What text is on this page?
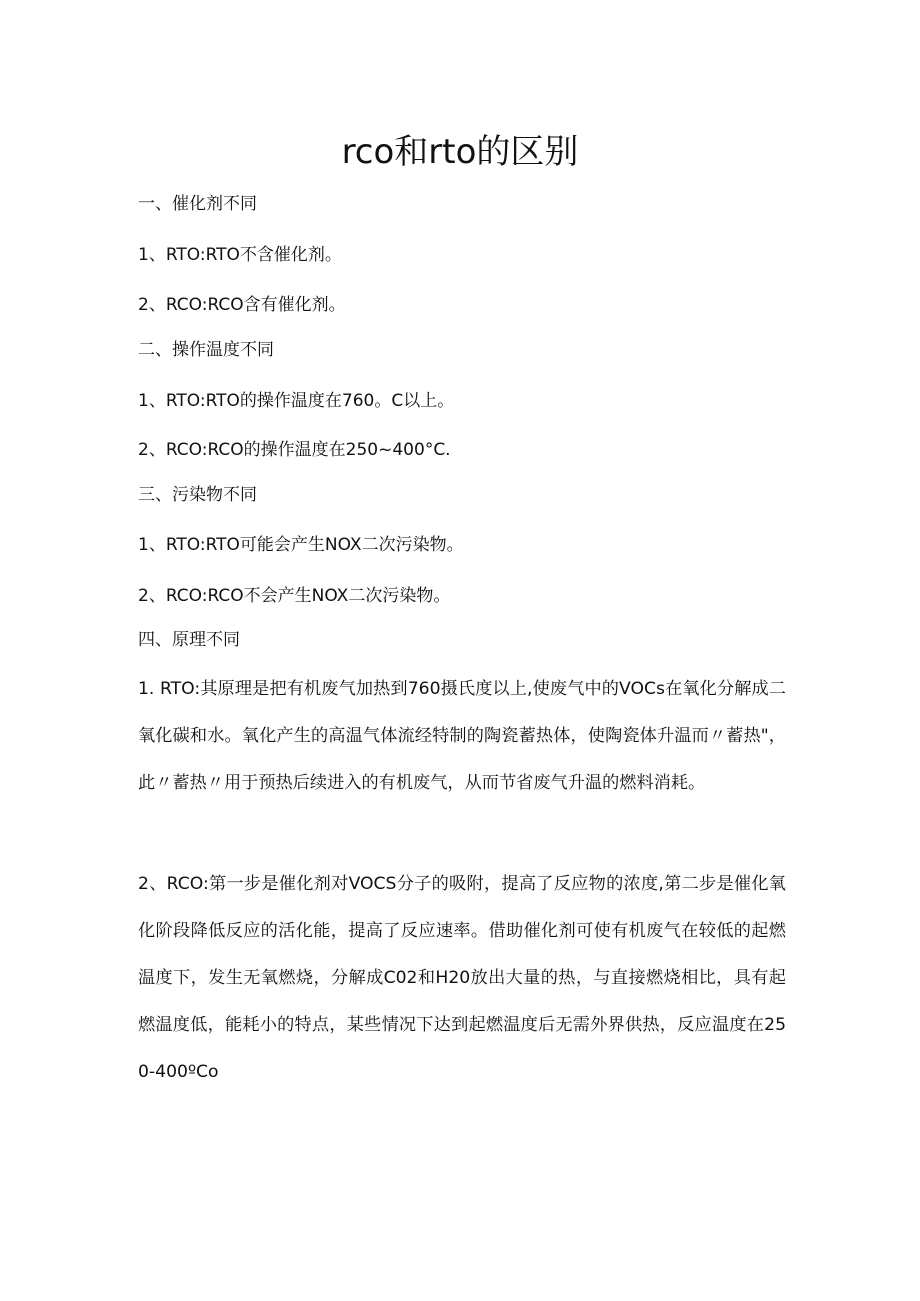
rco和rto的区别

一、催化剂不同

1、RTO:RTO不含催化剂。

2、RCO:RCO含有催化剂。

二、操作温度不同

1、RTO:RTO的操作温度在760。C以上。

2、RCO:RCO的操作温度在250~400°C.

三、污染物不同

1、RTO:RTO可能会产生NOX二次污染物。

2、RCO:RCO不会产生NOX二次污染物。

四、原理不同

1. RTO:其原理是把有机废气加热到760摄氏度以上,使废气中的VOCs在氧化分解成二氧化碳和水。氧化产生的高温气体流经特制的陶瓷蓄热体，使陶瓷体升温而〃蓄热"，此〃蓄热〃用于预热后续进入的有机废气，从而节省废气升温的燃料消耗。

2、RCO:第一步是催化剂对VOCS分子的吸附，提高了反应物的浓度,第二步是催化氧化阶段降低反应的活化能，提高了反应速率。借助催化剂可使有机废气在较低的起燃温度下，发生无氧燃烧，分解成C02和H20放出大量的热，与直接燃烧相比，具有起燃温度低，能耗小的特点，某些情况下达到起燃温度后无需外界供热，反应温度在250-400ºCo
